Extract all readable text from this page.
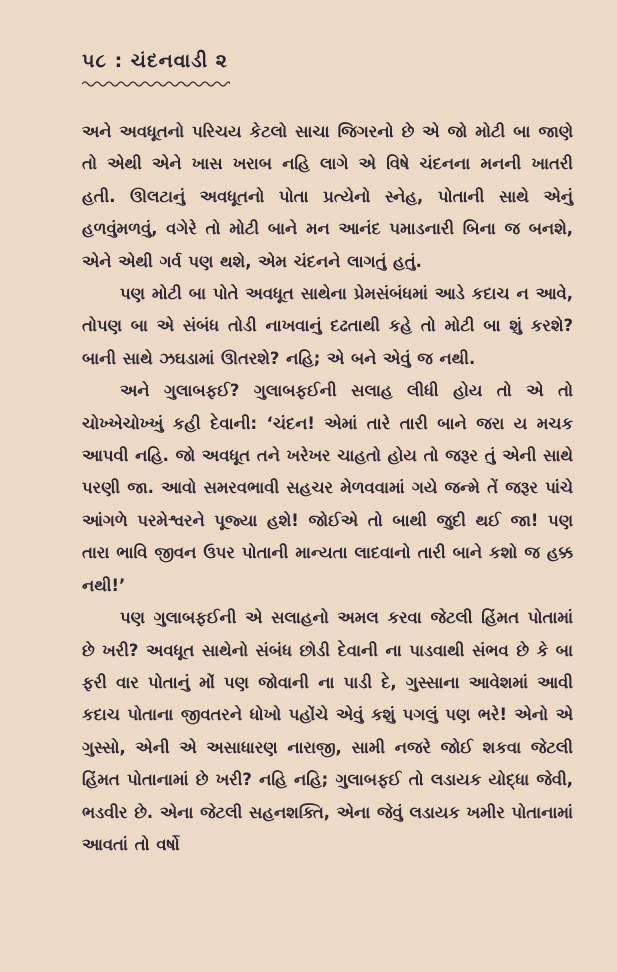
૫૮ : ચંદનવાડી ૨

અને અવધૂતનો પરિચય કેટલો સાચા જિગરનો છે એ જો મોટી બા જાણે તો એથી એને ખાસ ખરાબ નહિ લાગે એ વિષે ચંદનના મનની ખાતરી હતી. ઊલટાનું અવધૂતનો પોતા પ્રત્યેનો સ્નેહ, પોતાની સાથે એનું હળવુંમળવું, વગેરે તો મોટી બાને મન આનંદ પમાડનારી બિના જ બનશે, એને એથી ગર્વ પણ થશે, એમ ચંદનને લાગતું હતું.

પણ મોટી બા પોતે અવધૂત સાથેના પ્રેમસંબંધમાં આડે કદાચ ન આવે, તોપણ બા એ સંબંધ તોડી નાખવાનું દઢતાથી કહે તો મોટી બા શું કરશે? બાની સાથે ઝઘડામાં ઊતરશે? નહિ; એ બને એવું જ નથી.

અને ગુલાબફઈ? ગુલાબફઈની સલાહ લીધી હોય તો એ તો ચોખ્ખેચોખ્ખું કહી દેવાની: ‘ચંદન! એમાં તારે તારી બાને જરા ય મચક આપવી નહિ. જો અવધૂત તને ખરેખર ચાહતો હોય તો જરૂર તું એની સાથે પરણી જા. આવો સમરવભાવી સહચર મેળવવામાં ગયે જન્મે તેં જરૂર પાંચે આંગળે પરમેશ્વરને પૂજ્યા હશે! જોઈએ તો બાથી જુદી થઈ જા! પણ તારા ભાવિ જીવન ઉપર પોતાની માન્યતા લાદવાનો તારી બાને કશો જ હક્ક નથી!’

પણ ગુલાબફઈની એ સલાહનો અમલ કરવા જેટલી હિંમત પોતામાં છે ખરી? અવધૂત સાથેનો સંબંધ છોડી દેવાની ના પાડવાથી સંભવ છે કે બા ફરી વાર પોતાનું મોં પણ જોવાની ના પાડી દે, ગુસ્સાના આવેશમાં આવી કદાચ પોતાના જીવતરને ધોખો પહોંચે એવું કશું પગલું પણ ભરે! એનો એ ગુસ્સો, એની એ અસાધારણ નારાજી, સામી નજરે જોઈ શકવા જેટલી હિંમત પોતાનામાં છે ખરી? નહિ નહિ; ગુલાબફઈ તો લડાયક યોદ્ધા જેવી, ભડવીર છે. એના જેટલી સહનશક્તિ, એના જેવું લડાયક ખમીર પોતાનામાં આવતાં તો વર્ષો
